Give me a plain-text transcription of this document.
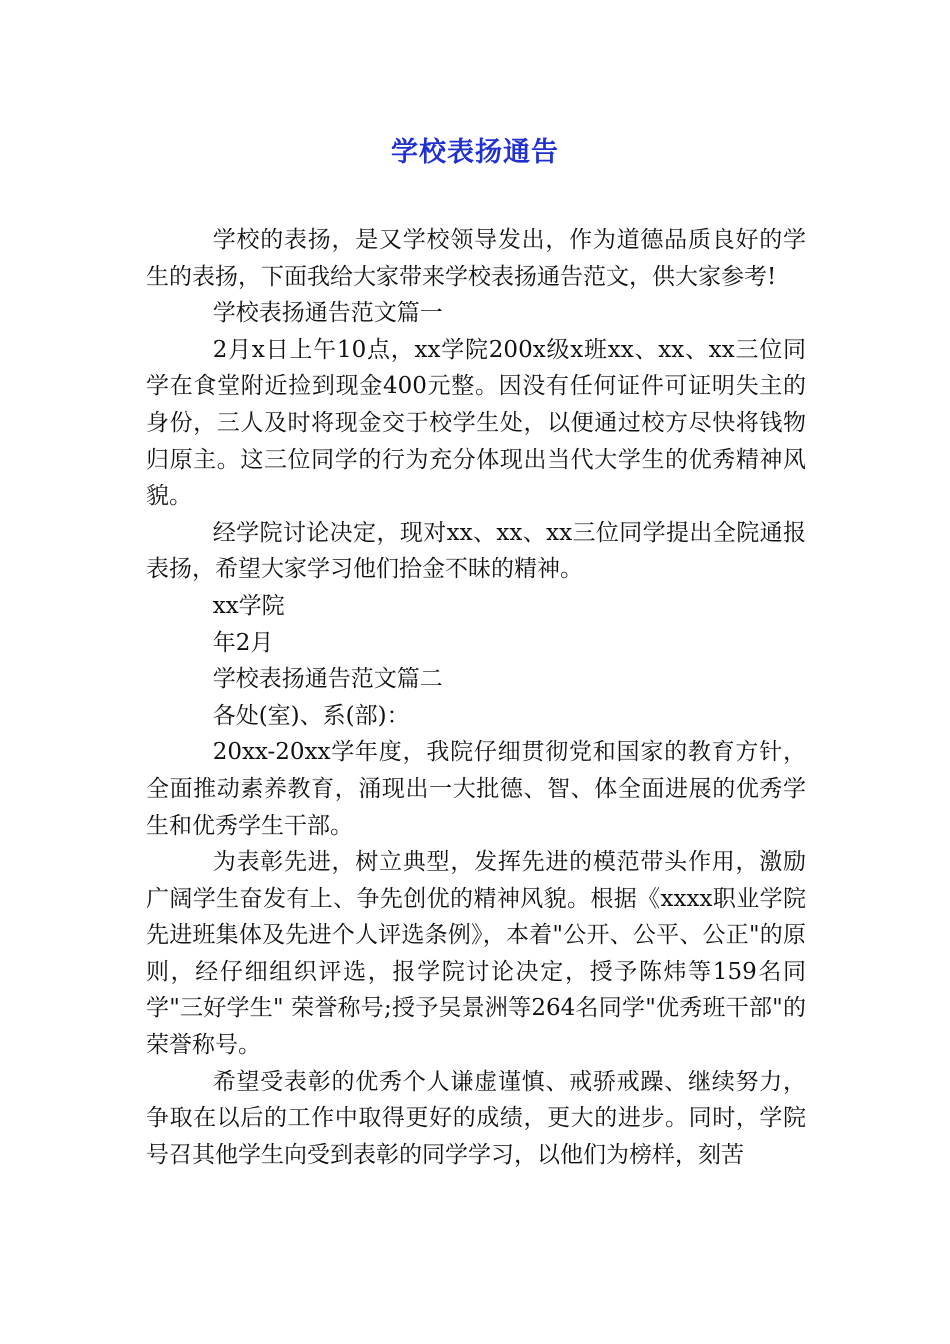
学校表扬通告

学校的表扬，是又学校领导发出，作为道德品质良好的学生的表扬，下面我给大家带来学校表扬通告范文，供大家参考!

学校表扬通告范文篇一

2月x日上午10点，xx学院200x级x班xx、xx、xx三位同学在食堂附近捡到现金400元整。因没有任何证件可证明失主的身份，三人及时将现金交于校学生处，以便通过校方尽快将钱物归原主。这三位同学的行为充分体现出当代大学生的优秀精神风貌。

经学院讨论决定，现对xx、xx、xx三位同学提出全院通报表扬，希望大家学习他们拾金不昧的精神。

xx学院

年2月

学校表扬通告范文篇二

各处(室)、系(部)：

20xx-20xx学年度，我院仔细贯彻党和国家的教育方针，全面推动素养教育，涌现出一大批德、智、体全面进展的优秀学生和优秀学生干部。

为表彰先进，树立典型，发挥先进的模范带头作用，激励广阔学生奋发有上、争先创优的精神风貌。根据《xxxx职业学院先进班集体及先进个人评选条例》，本着"公开、公平、公正"的原则，经仔细组织评选，报学院讨论决定，授予陈炜等159名同学"三好学生" 荣誉称号;授予吴景洲等264名同学"优秀班干部"的荣誉称号。

希望受表彰的优秀个人谦虚谨慎、戒骄戒躁、继续努力，争取在以后的工作中取得更好的成绩，更大的进步。同时，学院号召其他学生向受到表彰的同学学习，以他们为榜样，刻苦
